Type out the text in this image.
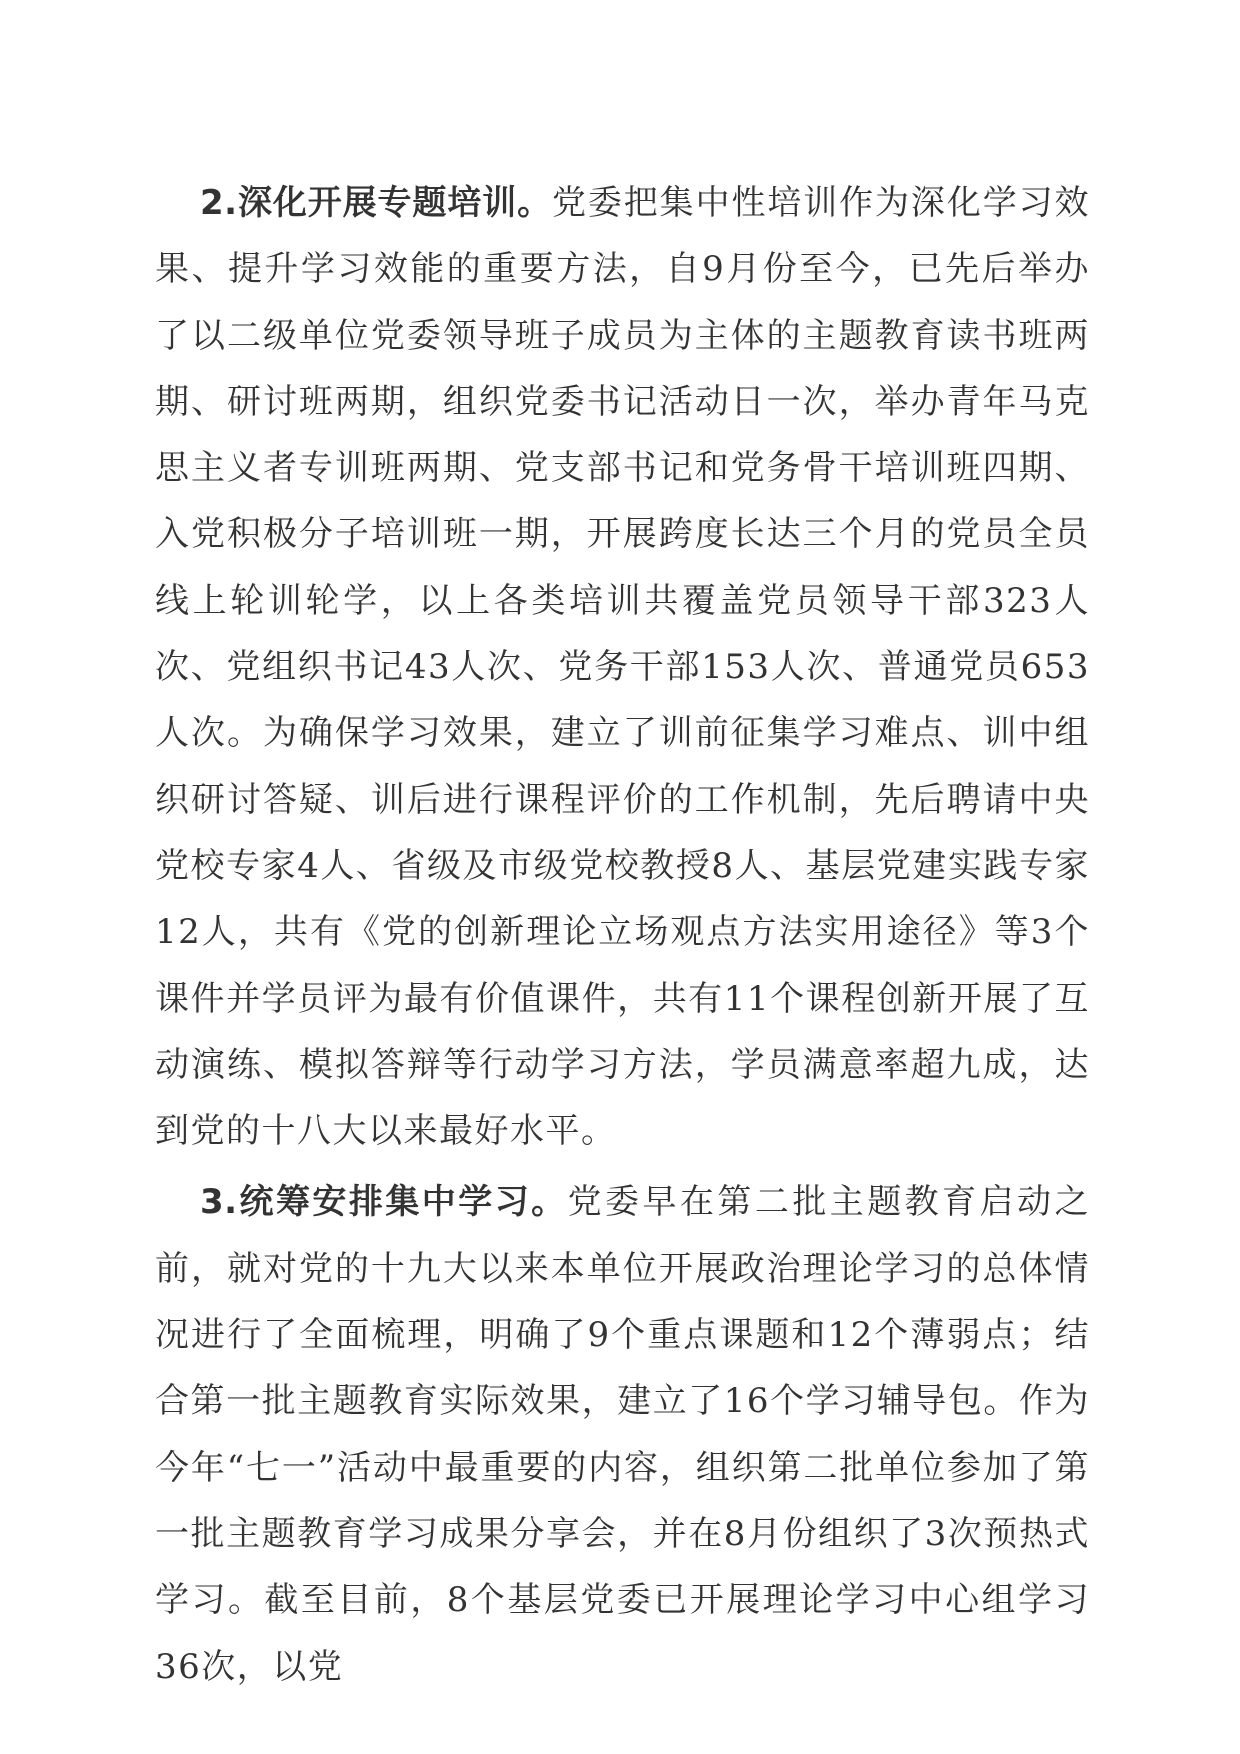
2.深化开展专题培训。党委把集中性培训作为深化学习效果、提升学习效能的重要方法，自9月份至今，已先后举办了以二级单位党委领导班子成员为主体的主题教育读书班两期、研讨班两期，组织党委书记活动日一次，举办青年马克思主义者专训班两期、党支部书记和党务骨干培训班四期、入党积极分子培训班一期，开展跨度长达三个月的党员全员线上轮训轮学，以上各类培训共覆盖党员领导干部323人次、党组织书记43人次、党务干部153人次、普通党员653人次。为确保学习效果，建立了训前征集学习难点、训中组织研讨答疑、训后进行课程评价的工作机制，先后聘请中央党校专家4人、省级及市级党校教授8人、基层党建实践专家12人，共有《党的创新理论立场观点方法实用途径》等3个课件并学员评为最有价值课件，共有11个课程创新开展了互动演练、模拟答辩等行动学习方法，学员满意率超九成，达到党的十八大以来最好水平。

3.统筹安排集中学习。党委早在第二批主题教育启动之前，就对党的十九大以来本单位开展政治理论学习的总体情况进行了全面梳理，明确了9个重点课题和12个薄弱点；结合第一批主题教育实际效果，建立了16个学习辅导包。作为今年“七一”活动中最重要的内容，组织第二批单位参加了第一批主题教育学习成果分享会，并在8月份组织了3次预热式学习。截至目前，8个基层党委已开展理论学习中心组学习36次，以党
